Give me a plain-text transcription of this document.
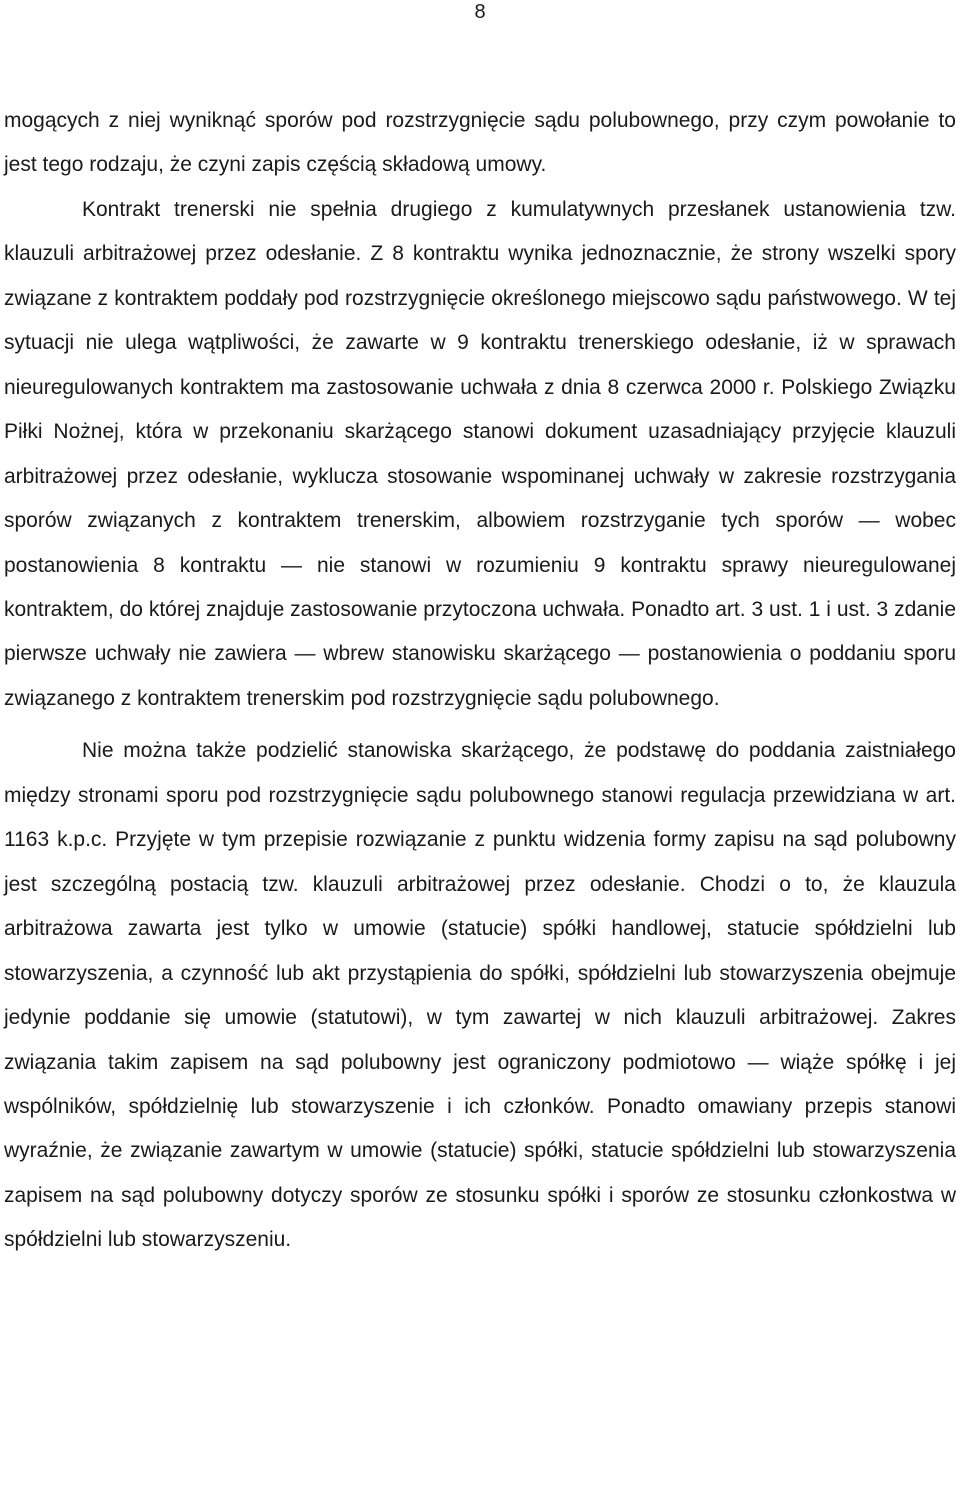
8

mogących z niej wyniknąć sporów pod rozstrzygnięcie sądu polubownego, przy czym powołanie to jest tego rodzaju, że czyni zapis częścią składową umowy.

Kontrakt trenerski nie spełnia drugiego z kumulatywnych przesłanek ustanowienia tzw. klauzuli arbitrażowej przez odesłanie. Z 8 kontraktu wynika jednoznacznie, że strony wszelki spory związane z kontraktem poddały pod rozstrzygnięcie określonego miejscowo sądu państwowego. W tej sytuacji nie ulega wątpliwości, że zawarte w 9 kontraktu trenerskiego odesłanie, iż w sprawach nieuregulowanych kontraktem ma zastosowanie uchwała z dnia 8 czerwca 2000 r. Polskiego Związku Piłki Nożnej, która w przekonaniu skarżącego stanowi dokument uzasadniający przyjęcie klauzuli arbitrażowej przez odesłanie, wyklucza stosowanie wspominanej uchwały w zakresie rozstrzygania sporów związanych z kontraktem trenerskim, albowiem rozstrzyganie tych sporów — wobec postanowienia 8 kontraktu — nie stanowi w rozumieniu 9 kontraktu sprawy nieuregulowanej kontraktem, do której znajduje zastosowanie przytoczona uchwała. Ponadto art. 3 ust. 1 i ust. 3 zdanie pierwsze uchwały nie zawiera — wbrew stanowisku skarżącego — postanowienia o poddaniu sporu związanego z kontraktem trenerskim pod rozstrzygnięcie sądu polubownego.

Nie można także podzielić stanowiska skarżącego, że podstawę do poddania zaistniałego między stronami sporu pod rozstrzygnięcie sądu polubownego stanowi regulacja przewidziana w art. 1163 k.p.c. Przyjęte w tym przepisie rozwiązanie z punktu widzenia formy zapisu na sąd polubowny jest szczególną postacią tzw. klauzuli arbitrażowej przez odesłanie. Chodzi o to, że klauzula arbitrażowa zawarta jest tylko w umowie (statucie) spółki handlowej, statucie spółdzielni lub stowarzyszenia, a czynność lub akt przystąpienia do spółki, spółdzielni lub stowarzyszenia obejmuje jedynie poddanie się umowie (statutowi), w tym zawartej w nich klauzuli arbitrażowej. Zakres związania takim zapisem na sąd polubowny jest ograniczony podmiotowo — wiąże spółkę i jej wspólników, spółdzielnię lub stowarzyszenie i ich członków. Ponadto omawiany przepis stanowi wyraźnie, że związanie zawartym w umowie (statucie) spółki, statucie spółdzielni lub stowarzyszenia zapisem na sąd polubowny dotyczy sporów ze stosunku spółki i sporów ze stosunku członkostwa w spółdzielni lub stowarzyszeniu.
